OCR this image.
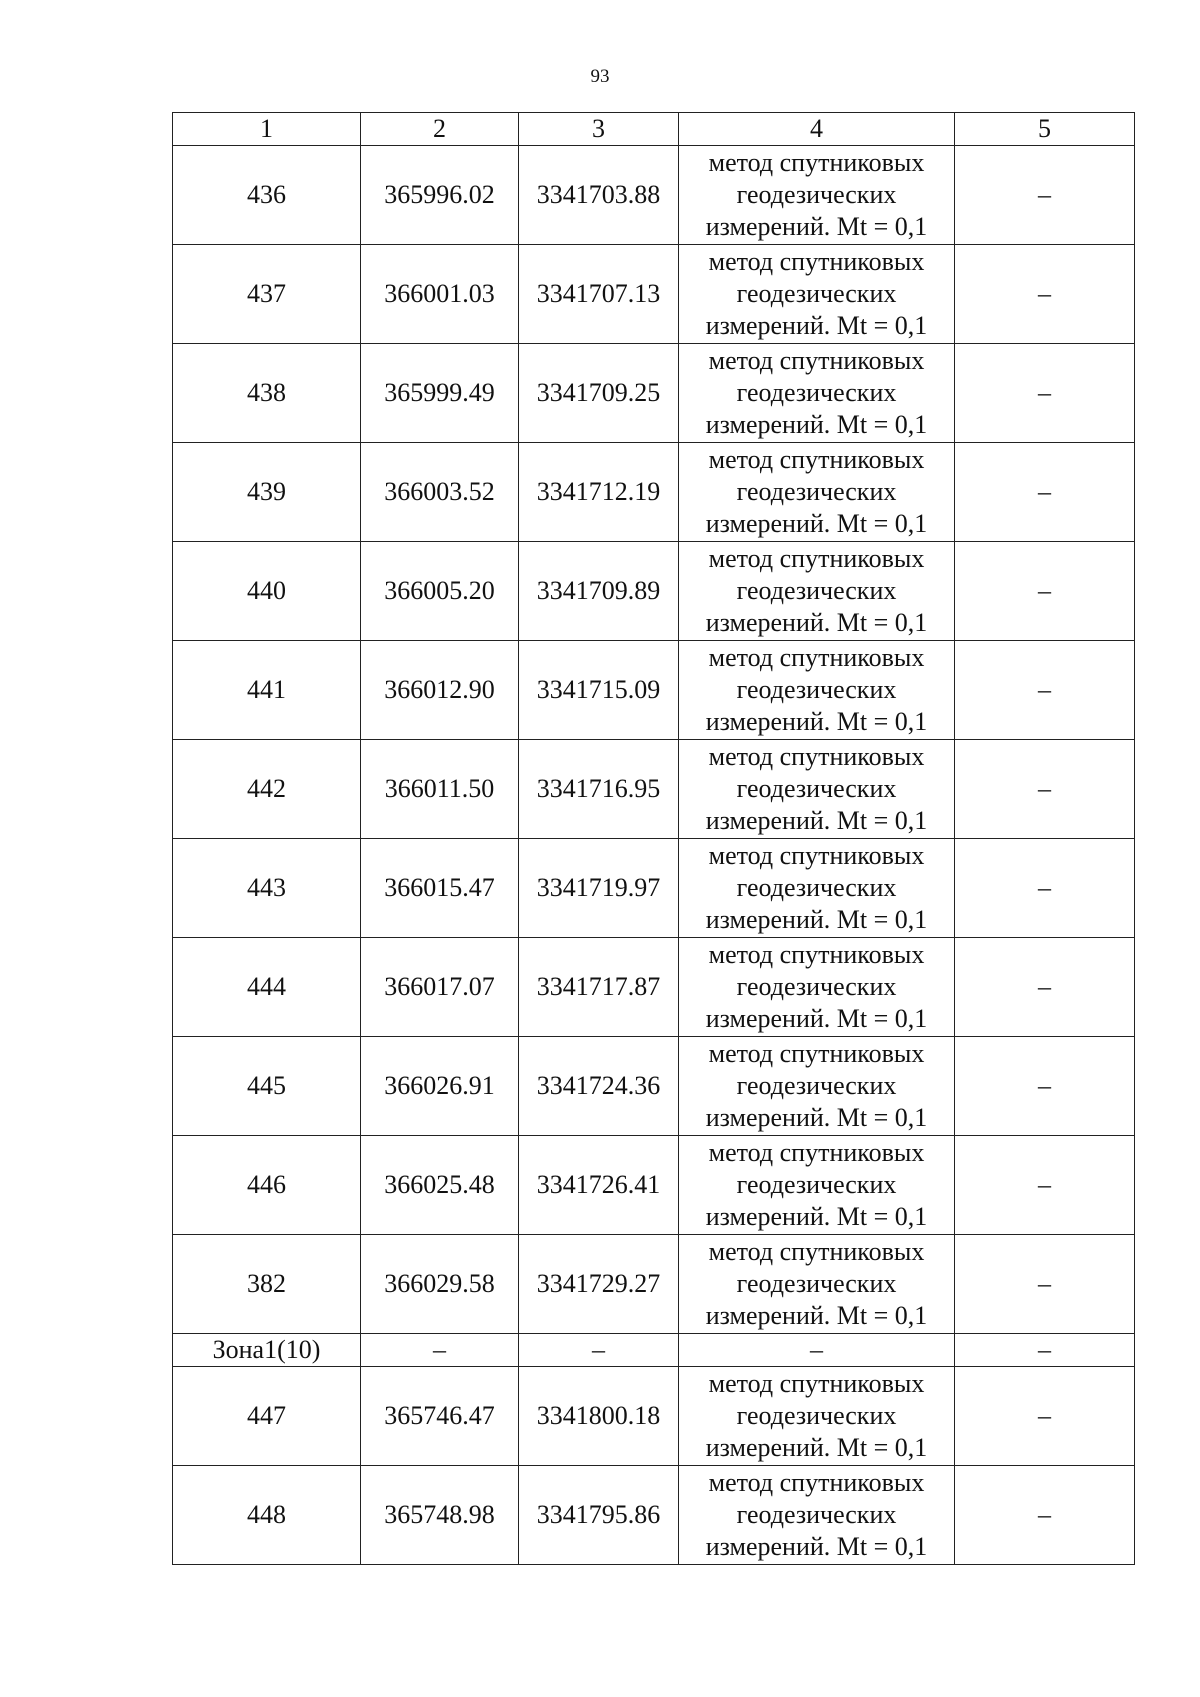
93
1	2	3	4	5
436	365996.02	3341703.88	метод спутниковых
геодезических
измерений. Mt = 0,1	–
437	366001.03	3341707.13	метод спутниковых
геодезических
измерений. Mt = 0,1	–
438	365999.49	3341709.25	метод спутниковых
геодезических
измерений. Mt = 0,1	–
439	366003.52	3341712.19	метод спутниковых
геодезических
измерений. Mt = 0,1	–
440	366005.20	3341709.89	метод спутниковых
геодезических
измерений. Mt = 0,1	–
441	366012.90	3341715.09	метод спутниковых
геодезических
измерений. Mt = 0,1	–
442	366011.50	3341716.95	метод спутниковых
геодезических
измерений. Mt = 0,1	–
443	366015.47	3341719.97	метод спутниковых
геодезических
измерений. Mt = 0,1	–
444	366017.07	3341717.87	метод спутниковых
геодезических
измерений. Mt = 0,1	–
445	366026.91	3341724.36	метод спутниковых
геодезических
измерений. Mt = 0,1	–
446	366025.48	3341726.41	метод спутниковых
геодезических
измерений. Mt = 0,1	–
382	366029.58	3341729.27	метод спутниковых
геодезических
измерений. Mt = 0,1	–
Зона1(10)	–	–	–	–
447	365746.47	3341800.18	метод спутниковых
геодезических
измерений. Mt = 0,1	–
448	365748.98	3341795.86	метод спутниковых
геодезических
измерений. Mt = 0,1	–
